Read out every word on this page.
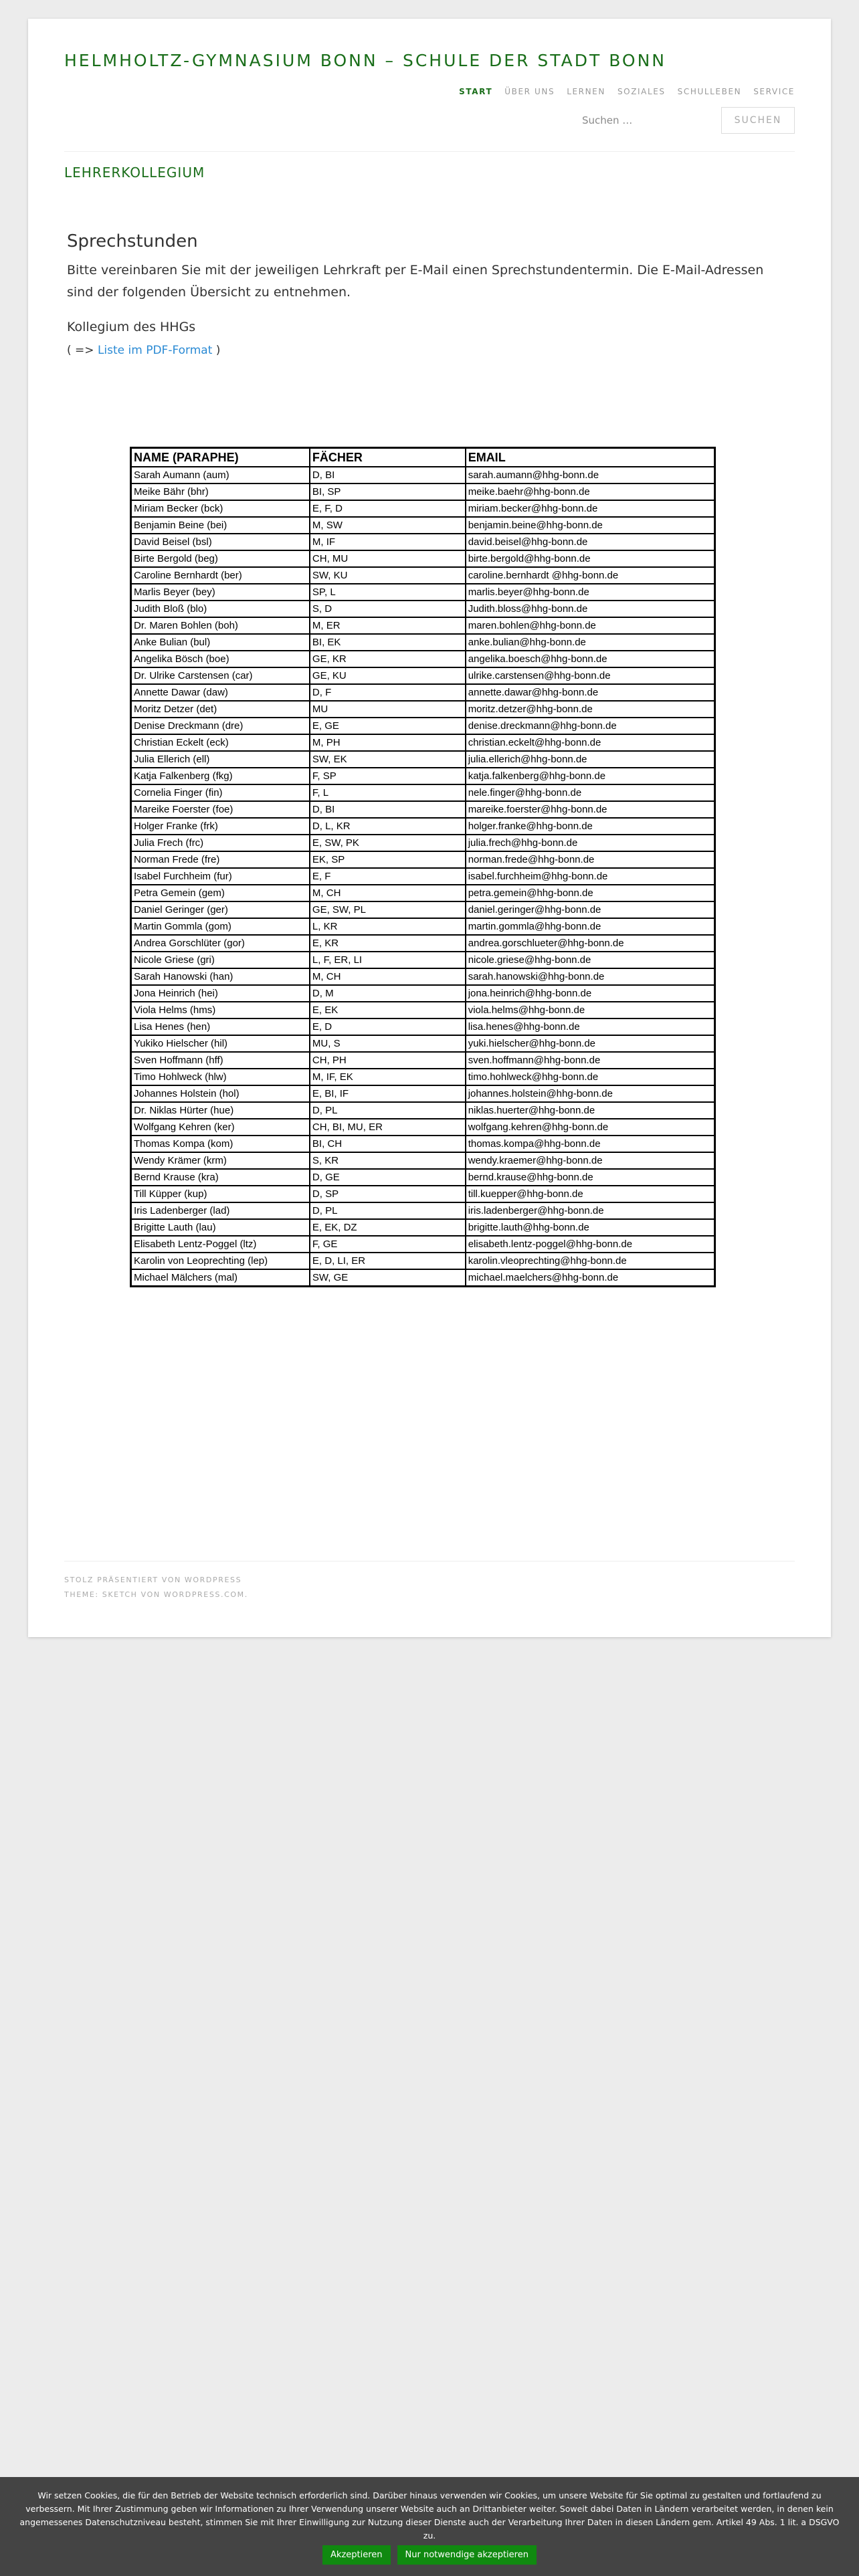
HELMHOLTZ-GYMNASIUM BONN – SCHULE DER STADT BONN
START ÜBER UNS LERNEN SOZIALES SCHULLEBEN SERVICE
Suchen …
SUCHEN
LEHRERKOLLEGIUM
Sprechstunden
Bitte vereinbaren Sie mit der jeweiligen Lehrkraft per E-Mail einen Sprechstundentermin. Die E-Mail-Adressen sind der folgenden Übersicht zu entnehmen.
Kollegium des HHGs
( => Liste im PDF-Format )
NAME (PARAPHE)	FÄCHER	EMAIL
Sarah Aumann (aum)	D, BI	sarah.aumann@hhg-bonn.de
Meike Bähr (bhr)	BI, SP	meike.baehr@hhg-bonn.de
Miriam Becker (bck)	E, F, D	miriam.becker@hhg-bonn.de
Benjamin Beine (bei)	M, SW	benjamin.beine@hhg-bonn.de
David Beisel (bsl)	M, IF	david.beisel@hhg-bonn.de
Birte Bergold (beg)	CH, MU	birte.bergold@hhg-bonn.de
Caroline Bernhardt (ber)	SW, KU	caroline.bernhardt @hhg-bonn.de
Marlis Beyer (bey)	SP, L	marlis.beyer@hhg-bonn.de
Judith Bloß (blo)	S, D	Judith.bloss@hhg-bonn.de
Dr. Maren Bohlen (boh)	M, ER	maren.bohlen@hhg-bonn.de
Anke Bulian (bul)	BI, EK	anke.bulian@hhg-bonn.de
Angelika Bösch (boe)	GE, KR	angelika.boesch@hhg-bonn.de
Dr. Ulrike Carstensen (car)	GE, KU	ulrike.carstensen@hhg-bonn.de
Annette Dawar (daw)	D, F	annette.dawar@hhg-bonn.de
Moritz Detzer (det)	MU	moritz.detzer@hhg-bonn.de
Denise Dreckmann (dre)	E, GE	denise.dreckmann@hhg-bonn.de
Christian Eckelt (eck)	M, PH	christian.eckelt@hhg-bonn.de
Julia Ellerich (ell)	SW, EK	julia.ellerich@hhg-bonn.de
Katja Falkenberg (fkg)	F, SP	katja.falkenberg@hhg-bonn.de
Cornelia Finger (fin)	F, L	nele.finger@hhg-bonn.de
Mareike Foerster (foe)	D, BI	mareike.foerster@hhg-bonn.de
Holger Franke (frk)	D, L, KR	holger.franke@hhg-bonn.de
Julia Frech (frc)	E, SW, PK	julia.frech@hhg-bonn.de
Norman Frede (fre)	EK, SP	norman.frede@hhg-bonn.de
Isabel Furchheim (fur)	E, F	isabel.furchheim@hhg-bonn.de
Petra Gemein (gem)	M, CH	petra.gemein@hhg-bonn.de
Daniel Geringer (ger)	GE, SW, PL	daniel.geringer@hhg-bonn.de
Martin Gommla (gom)	L, KR	martin.gommla@hhg-bonn.de
Andrea Gorschlüter (gor)	E, KR	andrea.gorschlueter@hhg-bonn.de
Nicole Griese (gri)	L, F, ER, LI	nicole.griese@hhg-bonn.de
Sarah Hanowski (han)	M, CH	sarah.hanowski@hhg-bonn.de
Jona Heinrich (hei)	D, M	jona.heinrich@hhg-bonn.de
Viola Helms (hms)	E, EK	viola.helms@hhg-bonn.de
Lisa Henes (hen)	E, D	lisa.henes@hhg-bonn.de
Yukiko Hielscher (hil)	MU, S	yuki.hielscher@hhg-bonn.de
Sven Hoffmann (hff)	CH, PH	sven.hoffmann@hhg-bonn.de
Timo Hohlweck (hlw)	M, IF, EK	timo.hohlweck@hhg-bonn.de
Johannes Holstein (hol)	E, BI, IF	johannes.holstein@hhg-bonn.de
Dr. Niklas Hürter (hue)	D, PL	niklas.huerter@hhg-bonn.de
Wolfgang Kehren (ker)	CH, BI, MU, ER	wolfgang.kehren@hhg-bonn.de
Thomas Kompa (kom)	BI, CH	thomas.kompa@hhg-bonn.de
Wendy Krämer (krm)	S, KR	wendy.kraemer@hhg-bonn.de
Bernd Krause (kra)	D, GE	bernd.krause@hhg-bonn.de
Till Küpper (kup)	D, SP	till.kuepper@hhg-bonn.de
Iris Ladenberger (lad)	D, PL	iris.ladenberger@hhg-bonn.de
Brigitte Lauth (lau)	E, EK, DZ	brigitte.lauth@hhg-bonn.de
Elisabeth Lentz-Poggel (ltz)	F, GE	elisabeth.lentz-poggel@hhg-bonn.de
Karolin von Leoprechting (lep)	E, D, LI, ER	karolin.vleoprechting@hhg-bonn.de
Michael Mälchers (mal)	SW, GE	michael.maelchers@hhg-bonn.de
STOLZ PRÄSENTIERT VON WORDPRESS
THEME: SKETCH VON WORDPRESS.COM.
Wir setzen Cookies, die für den Betrieb der Website technisch erforderlich sind. Darüber hinaus verwenden wir Cookies, um unsere Website für Sie optimal zu gestalten und fortlaufend zu verbessern. Mit Ihrer Zustimmung geben wir Informationen zu Ihrer Verwendung unserer Website auch an Drittanbieter weiter. Soweit dabei Daten in Ländern verarbeitet werden, in denen kein angemessenes Datenschutzniveau besteht, stimmen Sie mit Ihrer Einwilligung zur Nutzung dieser Dienste auch der Verarbeitung Ihrer Daten in diesen Ländern gem. Artikel 49 Abs. 1 lit. a DSGVO zu.
Akzeptieren	Nur notwendige akzeptieren
